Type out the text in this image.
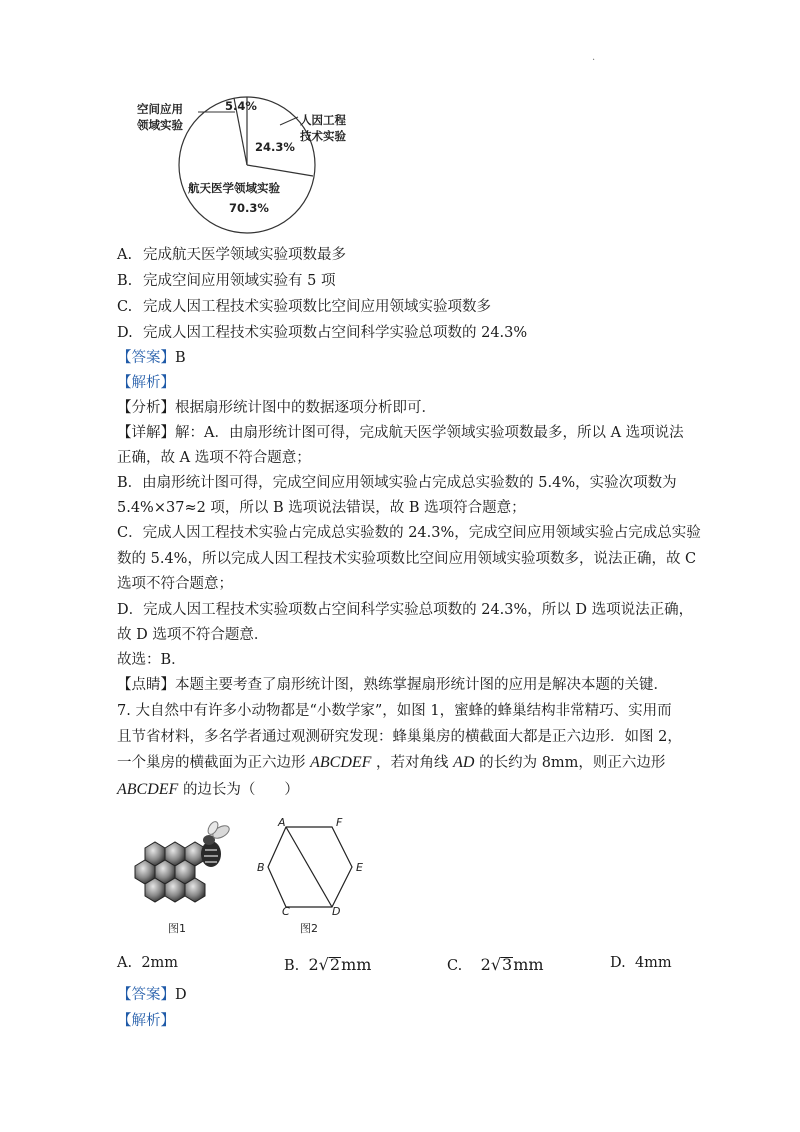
.
空间应用
领域实验
5.4%
人因工程
技术实验
24.3%
航天医学领域实验
70.3%
A. 完成航天医学领域实验项数最多
B. 完成空间应用领域实验有 5 项
C. 完成人因工程技术实验项数比空间应用领域实验项数多
D. 完成人因工程技术实验项数占空间科学实验总项数的 24.3%
【答案】B
【解析】
【分析】根据扇形统计图中的数据逐项分析即可．
【详解】解：A．由扇形统计图可得，完成航天医学领域实验项数最多，所以 A 选项说法
正确，故 A 选项不符合题意；
B．由扇形统计图可得，完成空间应用领域实验占完成总实验数的 5.4%，实验次项数为
5.4%×37≈2 项，所以 B 选项说法错误，故 B 选项符合题意；
C．完成人因工程技术实验占完成总实验数的 24.3%，完成空间应用领域实验占完成总实验
数的 5.4%，所以完成人因工程技术实验项数比空间应用领域实验项数多，说法正确，故 C
选项不符合题意；
D．完成人因工程技术实验项数占空间科学实验总项数的 24.3%，所以 D 选项说法正确，
故 D 选项不符合题意．
故选：B．
【点睛】本题主要考查了扇形统计图，熟练掌握扇形统计图的应用是解决本题的关键．
7. 大自然中有许多小动物都是“小数学家”，如图 1，蜜蜂的蜂巢结构非常精巧、实用而
且节省材料，多名学者通过观测研究发现：蜂巢巢房的横截面大都是正六边形．如图 2，
一个巢房的横截面为正六边形 ABCDEF ，若对角线 AD 的长约为 8mm，则正六边形
ABCDEF 的边长为（　　）
图1
A	F
E
D
C
B
图2
A. 2mm	B. 2√2mm	C. 2√3mm	D. 4mm
【答案】D
【解析】
